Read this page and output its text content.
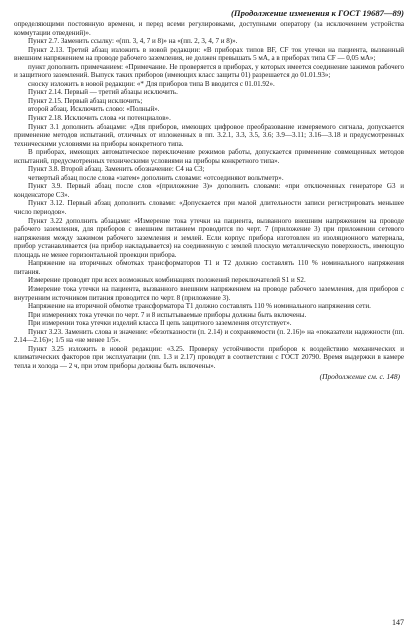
(Продолжение изменения к ГОСТ 19687—89)

определяющими постоянную времени, и перед всеми регулировками, доступными оператору (за исключением устройства коммутации отведений)».

Пункт 2.7. Заменить ссылку: «(пп. 3, 4, 7 и 8)» на «(пп. 2, 3, 4, 7 и 8)».

Пункт 2.13. Третий абзац изложить в новой редакции: «В приборах типов BF, CF ток утечки на пациента, вызванный внешним напряжением на проводе рабочего заземления, не должен превышать 5 мА, а в приборах типа CF — 0,05 мА»;

пункт дополнить примечанием: «Примечание. Не проверяется в приборах, у которых имеется соединение зажимов рабочего и защитного заземлений. Выпуск таких приборов (имеющих класс защиты 01) разрешается до 01.01.93»;

сноску изложить в новой редакции: «* Для приборов типа В вводится с 01.01.92».

Пункт 2.14. Первый — третий абзацы исключить.

Пункт 2.15. Первый абзац исключить;

второй абзац. Исключить слово: «Полный».

Пункт 2.18. Исключить слова «и потенциалов».

Пункт 3.1 дополнить абзацами: «Для приборов, имеющих цифровое преобразование измеряемого сигнала, допускается применение методов испытаний, отличных от изложенных в пп. 3.2.1, 3.3, 3.5, 3.6; 3.9—3.11; 3.16—3.18 и предусмотренных техническими условиями на приборы конкретного типа.

В приборах, имеющих автоматическое переключение режимов работы, допускается применение совмещенных методов испытаний, предусмотренных техническими условиями на приборы конкретного типа».

Пункт 3.8. Второй абзац. Заменить обозначение: C4 на C3;

четвертый абзац после слова «затем» дополнить словами: «отсоединяют вольтметр».

Пункт 3.9. Первый абзац после слов «(приложение 3)» дополнить словами: «при отключенных генераторе G3 и конденсаторе C3».

Пункт 3.12. Первый абзац дополнить словами: «Допускается при малой длительности записи регистрировать меньшее число периодов».

Пункт 3.22 дополнить абзацами: «Измерение тока утечки на пациента, вызванного внешним напряжением на проводе рабочего заземления, для приборов с внешним питанием проводится по черт. 7 (приложение 3) при приложении сетевого напряжения между зажимом рабочего заземления и землей. Если корпус прибора изготовлен из изоляционного материала, прибор устанавливается (на прибор накладывается) на соединенную с землей плоскую металлическую поверхность, имеющую площадь не менее горизонтальной проекции прибора.

Напряжение на вторичных обмотках трансформаторов T1 и T2 должно составлять 110 % номинального напряжения питания.

Измерение проводят при всех возможных комбинациях положений переключателей S1 и S2.

Измерение тока утечки на пациента, вызванного внешним напряжением на проводе рабочего заземления, для приборов с внутренним источником питания проводится по черт. 8 (приложение 3).

Напряжение на вторичной обмотке трансформатора T1 должно составлять 110 % номинального напряжения сети.

При измерениях тока утечки по черт. 7 и 8 испытываемые приборы должны быть включены.

При измерении тока утечки изделий класса II цепь защитного заземления отсутствует».

Пункт 3.23. Заменить слова и значение: «безотказности (п. 2.14) и сохраняемости (п. 2.16)» на «показатели надежности (пп. 2.14—2.16)»; 1/5 на «не менее 1/5».

Пункт 3.25 изложить в новой редакции: «3.25. Проверку устойчивости приборов к воздействию механических и климатических факторов при эксплуатации (пп. 1.3 и 2.17) проводят в соответствии с ГОСТ 20790. Время выдержки в камере тепла и холода — 2 ч, при этом приборы должны быть включены».

(Продолжение см. с. 148)
147
